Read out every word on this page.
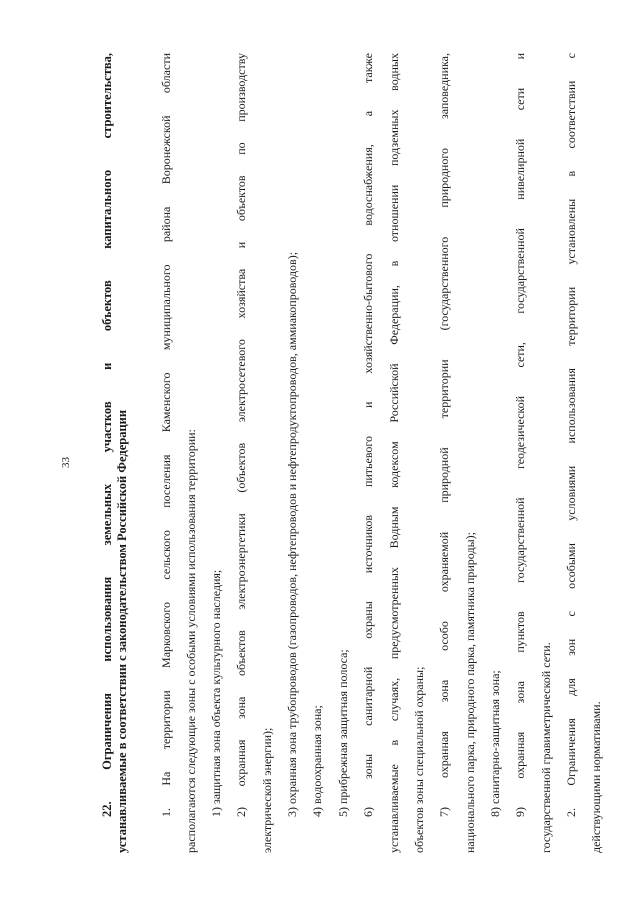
33 22. Ограничения использования земельных участков и объектов капитального строительства, устанавливаемые в соответствии с законодательством Российской Федерации	1. На территории Марковского сельского поселения Каменского муниципального района Воронежской области располагаются следующие зоны с особыми условиями использования территории: 1) защитная зона объекта культурного наследия; 2) охранная зона объектов электроэнергетики (объектов электросетевого хозяйства и объектов по производству электрической энергии); 3) охранная зона трубопроводов (газопроводов, нефтепроводов и нефтепродуктопроводов, аммиакопроводов); 4) водоохранная зона; 5) прибрежная защитная полоса; 6) зоны санитарной охраны источников питьевого и хозяйственно-бытового водоснабжения, а также устанавливаемые в случаях, предусмотренных Водным кодексом Российской Федерации, в отношении подземных водных объектов зоны специальной охраны; 7) охранная зона особо охраняемой природной территории (государственного природного заповедника, национального парка, природного парка, памятника природы); 8) санитарно-защитная зона; 9) охранная зона пунктов государственной геодезической сети, государственной нивелирной сети и государственной гравиметрической сети. 2. Ограничения для зон с особыми условиями использования территории установлены в соответствии с действующими нормативами.
